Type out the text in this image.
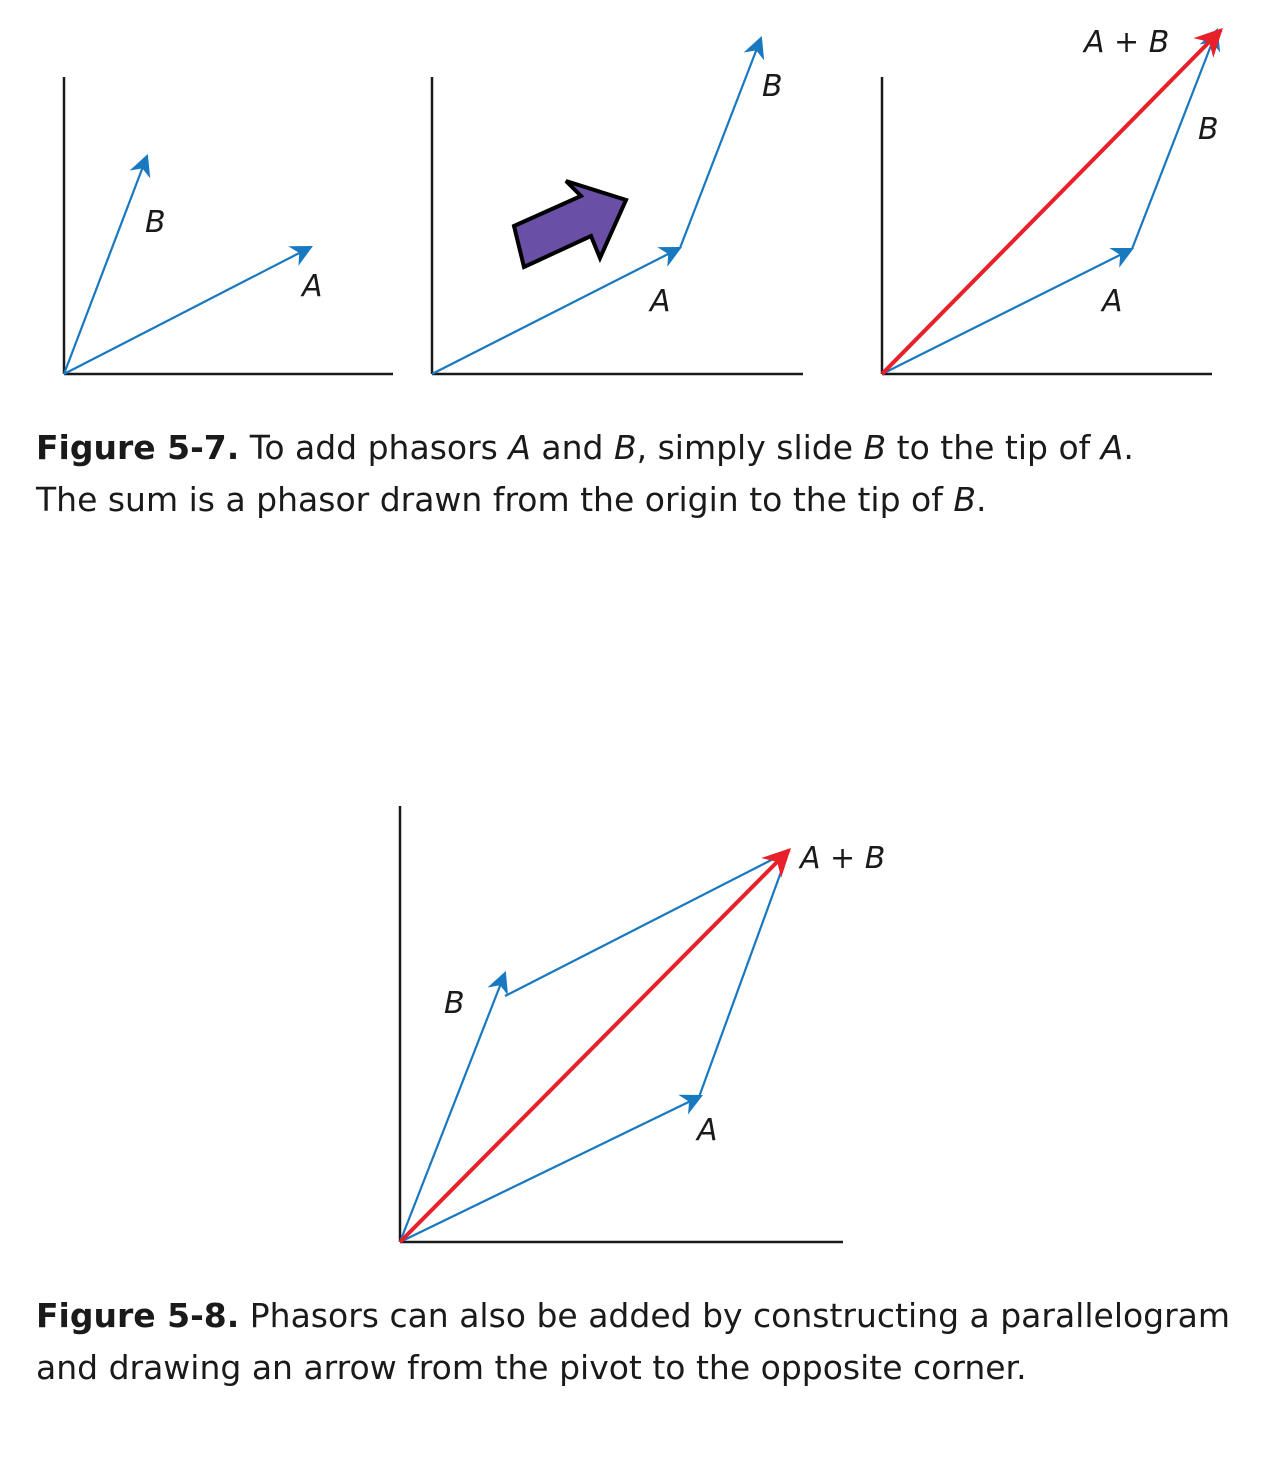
A
B
A
B
A
B
A + B
A
B
A + B
Figure 5-7. To add phasors A and B, simply slide B to the tip of A. The sum is a phasor drawn from the origin to the tip of B.
Figure 5-8. Phasors can also be added by constructing a parallelogram and drawing an arrow from the pivot to the opposite corner.
